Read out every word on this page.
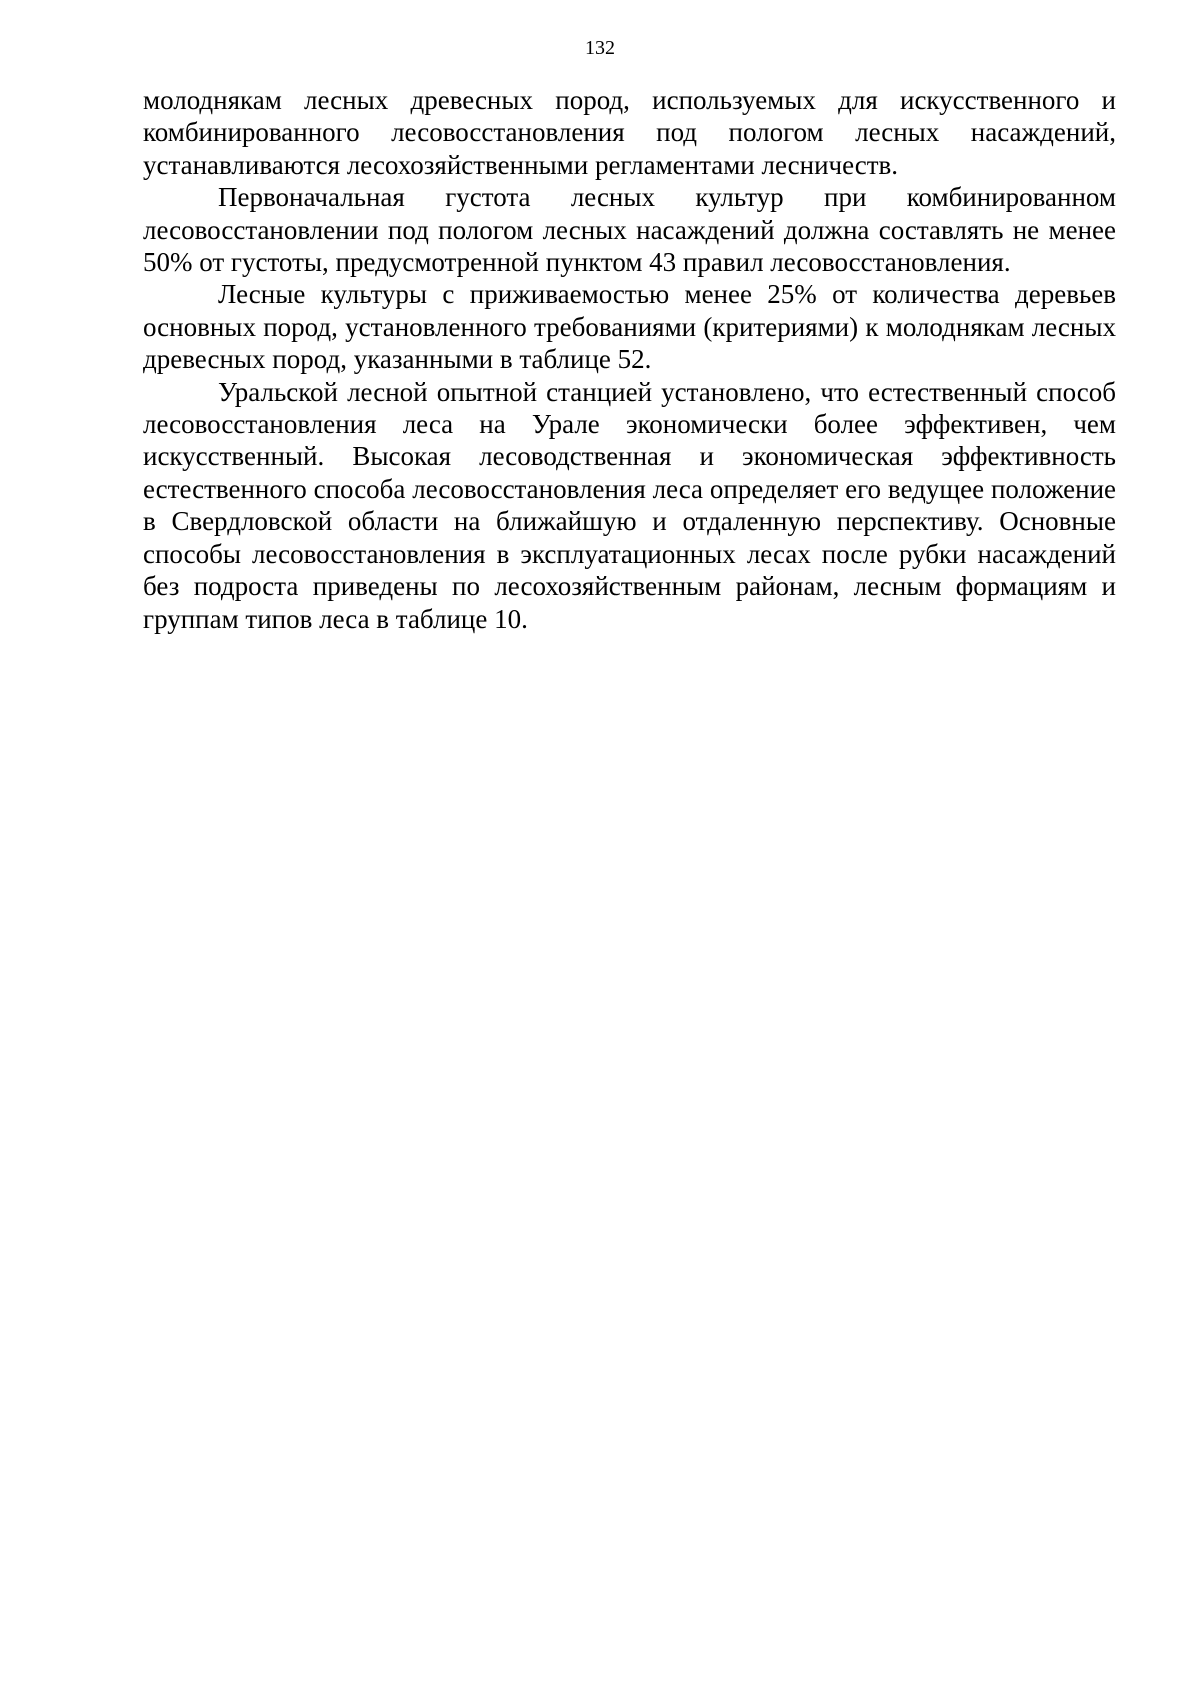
132

молоднякам лесных древесных пород, используемых для искусственного и комбинированного лесовосстановления под пологом лесных насаждений, устанавливаются лесохозяйственными регламентами лесничеств.

Первоначальная густота лесных культур при комбинированном лесовосстановлении под пологом лесных насаждений должна составлять не менее 50% от густоты, предусмотренной пунктом 43 правил лесовосстановления.

Лесные культуры с приживаемостью менее 25% от количества деревьев основных пород, установленного требованиями (критериями) к молоднякам лесных древесных пород, указанными в таблице 52.

Уральской лесной опытной станцией установлено, что естественный способ лесовосстановления леса на Урале экономически более эффективен, чем искусственный. Высокая лесоводственная и экономическая эффективность естественного способа лесовосстановления леса определяет его ведущее положение в Свердловской области на ближайшую и отдаленную перспективу. Основные способы лесовосстановления в эксплуатационных лесах после рубки насаждений без подроста приведены по лесохозяйственным районам, лесным формациям и группам типов леса в таблице 10.
